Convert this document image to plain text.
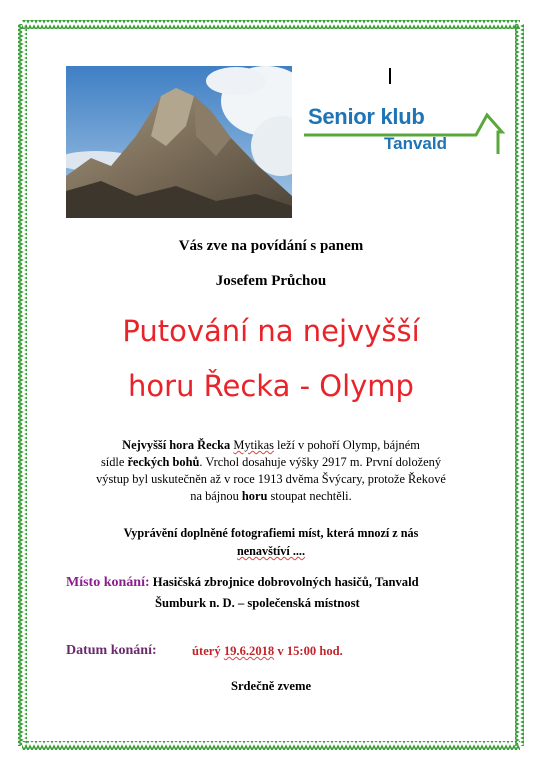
Senior klub
Tanvald
Vás zve na povídání s panem
Josefem Průchou
Putování na nejvyšší
horu Řecka - Olymp
Nejvyšší hora Řecka Mytikas leží v pohoří Olymp, bájném
sídle řeckých bohů. Vrchol dosahuje výšky 2917 m. První doložený
výstup byl uskutečněn až v roce 1913 dvěma Švýcary, protože Řekové
na bájnou horu stoupat nechtěli.
Vyprávění doplněné fotografiemi míst, která mnozí z nás
nenavštíví ....
Místo konání: Hasičská zbrojnice dobrovolných hasičů, Tanvald
Šumburk n. D. – společenská místnost
Datum konání:	úterý 19.6.2018 v 15:00 hod.
Srdečně zveme
